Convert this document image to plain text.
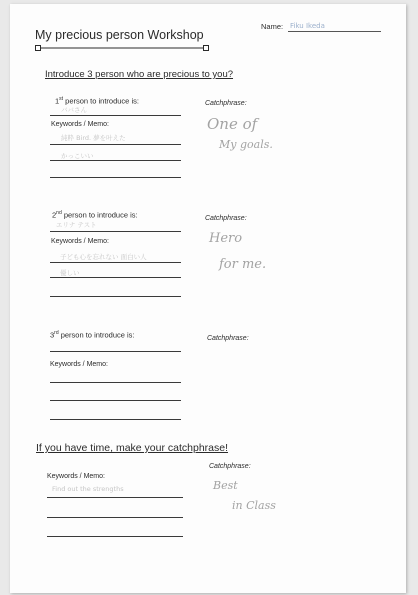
My precious person Workshop
Name: Fiku Ikeda
Introduce 3 person who are precious to you?
1st person to introduce is:
ババさん
Keywords / Memo:
純粋 Bird. 夢を叶えた
かっこいい
Catchphrase:
One of
My goals.
2nd person to introduce is:
エリナ テスト
Keywords / Memo:
子ども心を忘れない 面白い人
優しい
Catchphrase:
Hero
for me.
3rd person to introduce is:
Keywords / Memo:
Catchphrase:
If you have time, make your catchphrase!
Keywords / Memo:
Find out the strengths
Catchphrase:
Best
in Class
